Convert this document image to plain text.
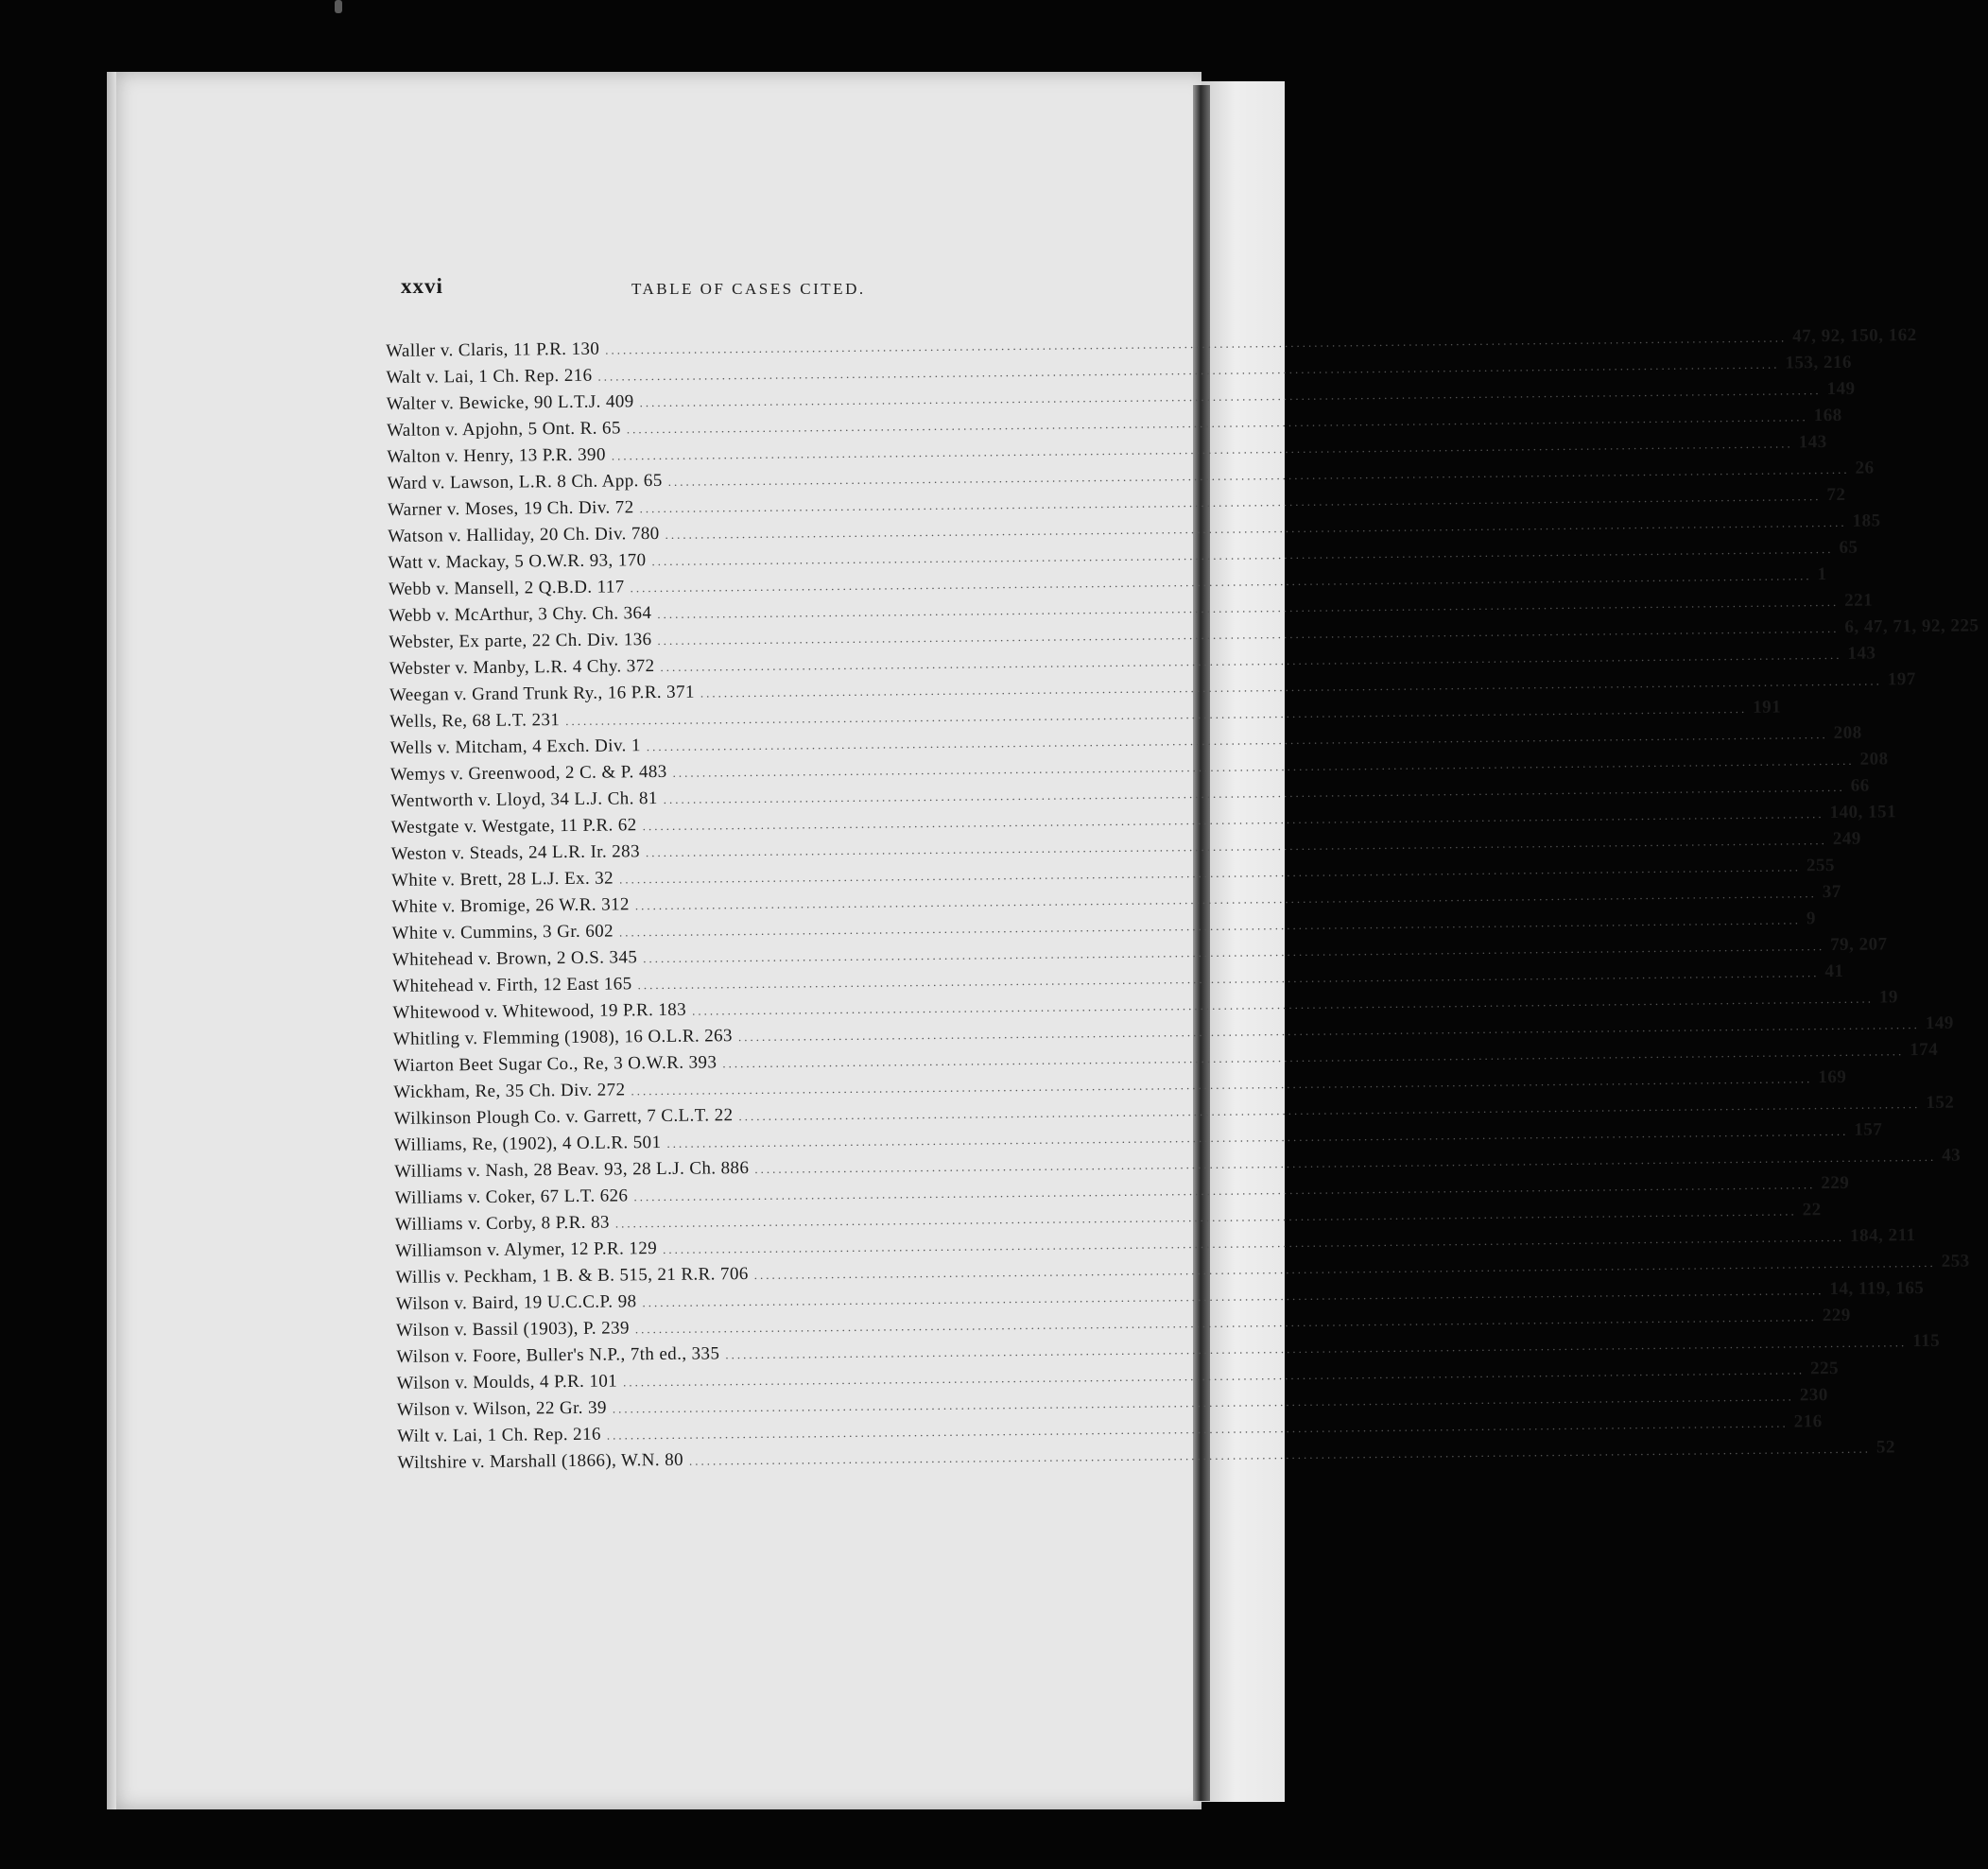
xxvi	TABLE OF CASES CITED.
Waller v. Claris, 11 P.R. 130 ........................................................................................................................................................................................................ 47, 92, 150, 162
Walt v. Lai, 1 Ch. Rep. 216 ........................................................................................................................................................................................................ 153, 216
Walter v. Bewicke, 90 L.T.J. 409 ........................................................................................................................................................................................................ 149
Walton v. Apjohn, 5 Ont. R. 65 ........................................................................................................................................................................................................ 168
Walton v. Henry, 13 P.R. 390 ........................................................................................................................................................................................................ 143
Ward v. Lawson, L.R. 8 Ch. App. 65 ........................................................................................................................................................................................................ 26
Warner v. Moses, 19 Ch. Div. 72 ........................................................................................................................................................................................................ 72
Watson v. Halliday, 20 Ch. Div. 780 ........................................................................................................................................................................................................ 185
Watt v. Mackay, 5 O.W.R. 93, 170 ........................................................................................................................................................................................................ 65
Webb v. Mansell, 2 Q.B.D. 117 ........................................................................................................................................................................................................ 1
Webb v. McArthur, 3 Chy. Ch. 364 ........................................................................................................................................................................................................ 221
Webster, Ex parte, 22 Ch. Div. 136 ........................................................................................................................................................................................................ 6, 47, 71, 92, 225
Webster v. Manby, L.R. 4 Chy. 372 ........................................................................................................................................................................................................ 143
Weegan v. Grand Trunk Ry., 16 P.R. 371 ........................................................................................................................................................................................................ 197
Wells, Re, 68 L.T. 231 ........................................................................................................................................................................................................ 191
Wells v. Mitcham, 4 Exch. Div. 1 ........................................................................................................................................................................................................ 208
Wemys v. Greenwood, 2 C. & P. 483 ........................................................................................................................................................................................................ 208
Wentworth v. Lloyd, 34 L.J. Ch. 81 ........................................................................................................................................................................................................ 66
Westgate v. Westgate, 11 P.R. 62 ........................................................................................................................................................................................................ 140, 151
Weston v. Steads, 24 L.R. Ir. 283 ........................................................................................................................................................................................................ 249
White v. Brett, 28 L.J. Ex. 32 ........................................................................................................................................................................................................ 255
White v. Bromige, 26 W.R. 312 ........................................................................................................................................................................................................ 37
White v. Cummins, 3 Gr. 602 ........................................................................................................................................................................................................ 9
Whitehead v. Brown, 2 O.S. 345 ........................................................................................................................................................................................................ 79, 207
Whitehead v. Firth, 12 East 165 ........................................................................................................................................................................................................ 41
Whitewood v. Whitewood, 19 P.R. 183 ........................................................................................................................................................................................................ 19
Whitling v. Flemming (1908), 16 O.L.R. 263 ........................................................................................................................................................................................................ 149
Wiarton Beet Sugar Co., Re, 3 O.W.R. 393 ........................................................................................................................................................................................................ 174
Wickham, Re, 35 Ch. Div. 272 ........................................................................................................................................................................................................ 169
Wilkinson Plough Co. v. Garrett, 7 C.L.T. 22 ........................................................................................................................................................................................................ 152
Williams, Re, (1902), 4 O.L.R. 501 ........................................................................................................................................................................................................ 157
Williams v. Nash, 28 Beav. 93, 28 L.J. Ch. 886 ........................................................................................................................................................................................................ 43
Williams v. Coker, 67 L.T. 626 ........................................................................................................................................................................................................ 229
Williams v. Corby, 8 P.R. 83 ........................................................................................................................................................................................................ 22
Williamson v. Alymer, 12 P.R. 129 ........................................................................................................................................................................................................ 184, 211
Willis v. Peckham, 1 B. & B. 515, 21 R.R. 706 ........................................................................................................................................................................................................ 253
Wilson v. Baird, 19 U.C.C.P. 98 ........................................................................................................................................................................................................ 14, 119, 165
Wilson v. Bassil (1903), P. 239 ........................................................................................................................................................................................................ 229
Wilson v. Foore, Buller's N.P., 7th ed., 335 ........................................................................................................................................................................................................ 115
Wilson v. Moulds, 4 P.R. 101 ........................................................................................................................................................................................................ 225
Wilson v. Wilson, 22 Gr. 39 ........................................................................................................................................................................................................ 230
Wilt v. Lai, 1 Ch. Rep. 216 ........................................................................................................................................................................................................ 216
Wiltshire v. Marshall (1866), W.N. 80 ........................................................................................................................................................................................................ 52
